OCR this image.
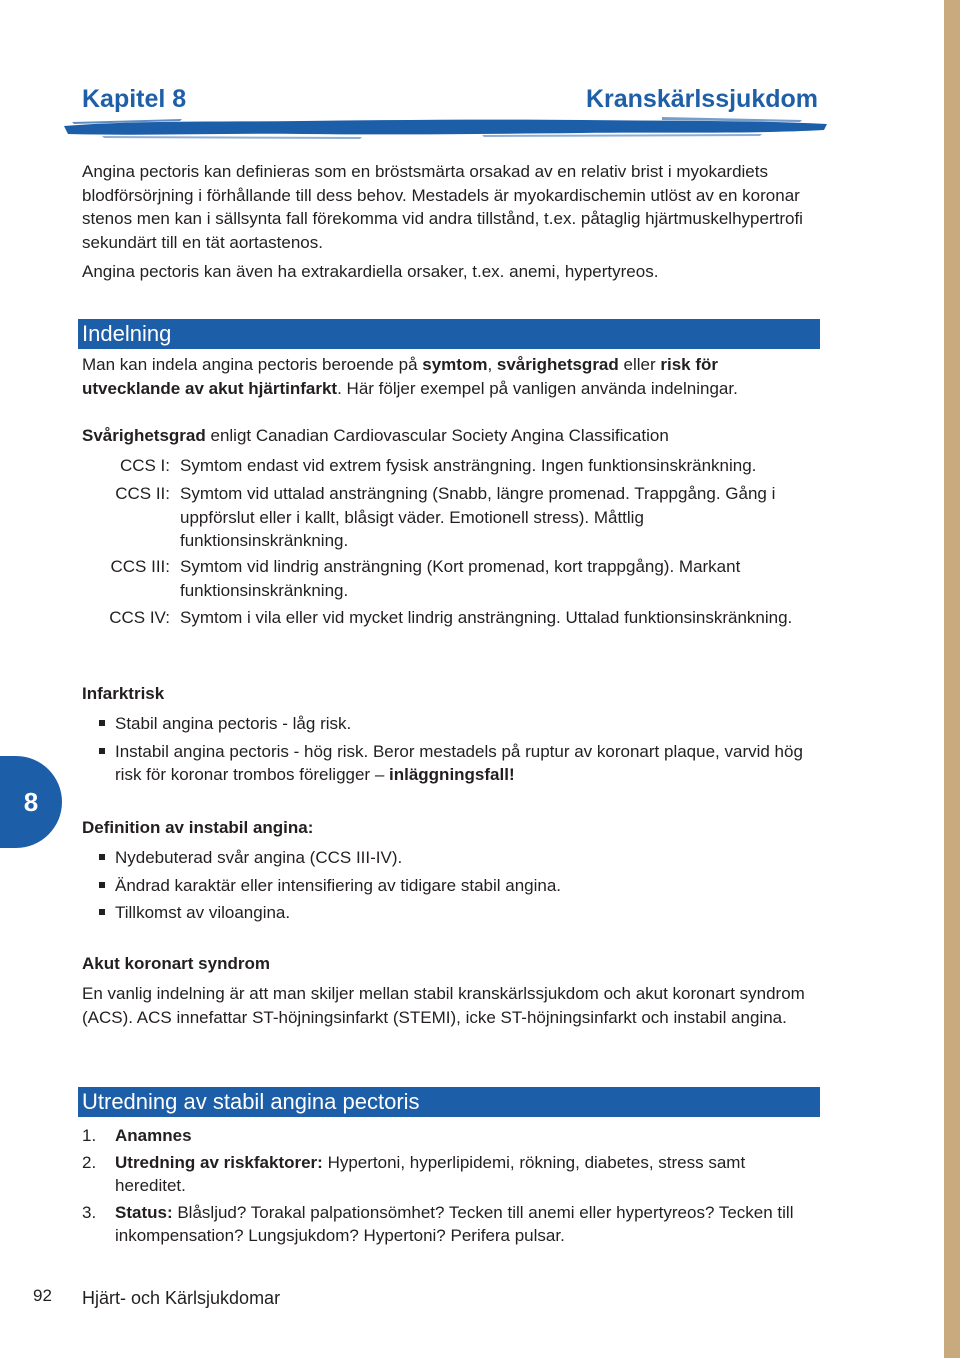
Kapitel 8	Kranskärlssjukdom

Angina pectoris kan definieras som en bröstsmärta orsakad av en relativ brist i myokardiets blodförsörjning i förhållande till dess behov. Mestadels är myokardischemin utlöst av en koronar stenos men kan i sällsynta fall förekomma vid andra tillstånd, t.ex. påtaglig hjärtmuskelhypertrofi sekundärt till en tät aortastenos.

Angina pectoris kan även ha extrakardiella orsaker, t.ex. anemi, hypertyreos.

Indelning
Man kan indela angina pectoris beroende på symtom, svårighetsgrad eller risk för utvecklande av akut hjärtinfarkt. Här följer exempel på vanligen använda indelningar.
Svårighetsgrad enligt Canadian Cardiovascular Society Angina Classification
CCS I: Symtom endast vid extrem fysisk ansträngning. Ingen funktionsinskränkning.
CCS II: Symtom vid uttalad ansträngning (Snabb, längre promenad. Trappgång. Gång i uppförslut eller i kallt, blåsigt väder. Emotionell stress). Måttlig funktionsinskränkning.
CCS III: Symtom vid lindrig ansträngning (Kort promenad, kort trappgång). Markant funktionsinskränkning.
CCS IV: Symtom i vila eller vid mycket lindrig ansträngning. Uttalad funktionsinskränkning.
Infarktrisk
Stabil angina pectoris - låg risk.
Instabil angina pectoris - hög risk. Beror mestadels på ruptur av koronart plaque, varvid hög risk för koronar trombos föreligger – inläggningsfall!
8
Definition av instabil angina:
Nydebuterad svår angina (CCS III-IV).
Ändrad karaktär eller intensifiering av tidigare stabil angina.
Tillkomst av viloangina.
Akut koronart syndrom
En vanlig indelning är att man skiljer mellan stabil kranskärlssjukdom och akut koronart syndrom (ACS). ACS innefattar ST-höjningsinfarkt (STEMI), icke ST-höjningsinfarkt och instabil angina.
Utredning av stabil angina pectoris
1. Anamnes
2. Utredning av riskfaktorer: Hypertoni, hyperlipidemi, rökning, diabetes, stress samt hereditet.
3. Status: Blåsljud? Torakal palpationsömhet? Tecken till anemi eller hypertyreos? Tecken till inkompensation? Lungsjukdom? Hypertoni? Perifera pulsar.
92 Hjärt- och Kärlsjukdomar
